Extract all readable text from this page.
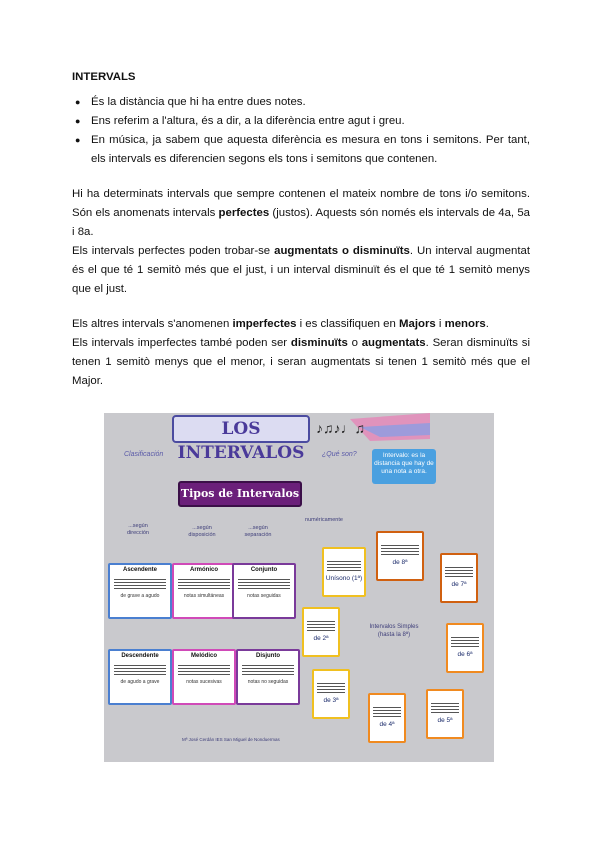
INTERVALS
● És la distància que hi ha entre dues notes.
● Ens referim a l'altura, és a dir, a la diferència entre agut i greu.
● En música, ja sabem que aquesta diferència es mesura en tons i semitons. Per tant, els intervals es diferencien segons els tons i semitons que contenen.

Hi ha determinats intervals que sempre contenen el mateix nombre de tons i/o semitons. Són els anomenats intervals perfectes (justos). Aquests són només els intervals de 4a, 5a i 8a.

Els intervals perfectes poden trobar-se augmentats o disminuïts. Un interval augmentat és el que té 1 semitò més que el just, i un interval disminuït és el que té 1 semitò menys que el just.

Els altres intervals s'anomenen imperfectes i es classifiquen en Majors i menors.

Els intervals imperfectes també poden ser disminuïts o augmentats. Seran disminuïts si tenen 1 semitò menys que el menor, i seran augmentats si tenen 1 semitò més que el Major.

LOS INTERVALOS
♪♫♪♩♫
Clasificación	¿Qué son?	Intervalo: es la distancia que hay de una nota a otra.
Tipos de Intervalos
...según dirección
...según disposición
...según separación
numéricamente
Ascendente
de grave a agudo
Armónico
notas simultáneas
Conjunto
notas seguidas
Descendente
de agudo a grave
Melódico
notas sucesivas
Disjunto
notas no seguidas
Unísono (1ª)
de 2ª
de 3ª
de 4ª
de 5ª
de 6ª
de 7ª
de 8ª
Intervalos Simples (hasta la 8ª)
Mª José Cerdán IES San Miguel de Nonduermas
